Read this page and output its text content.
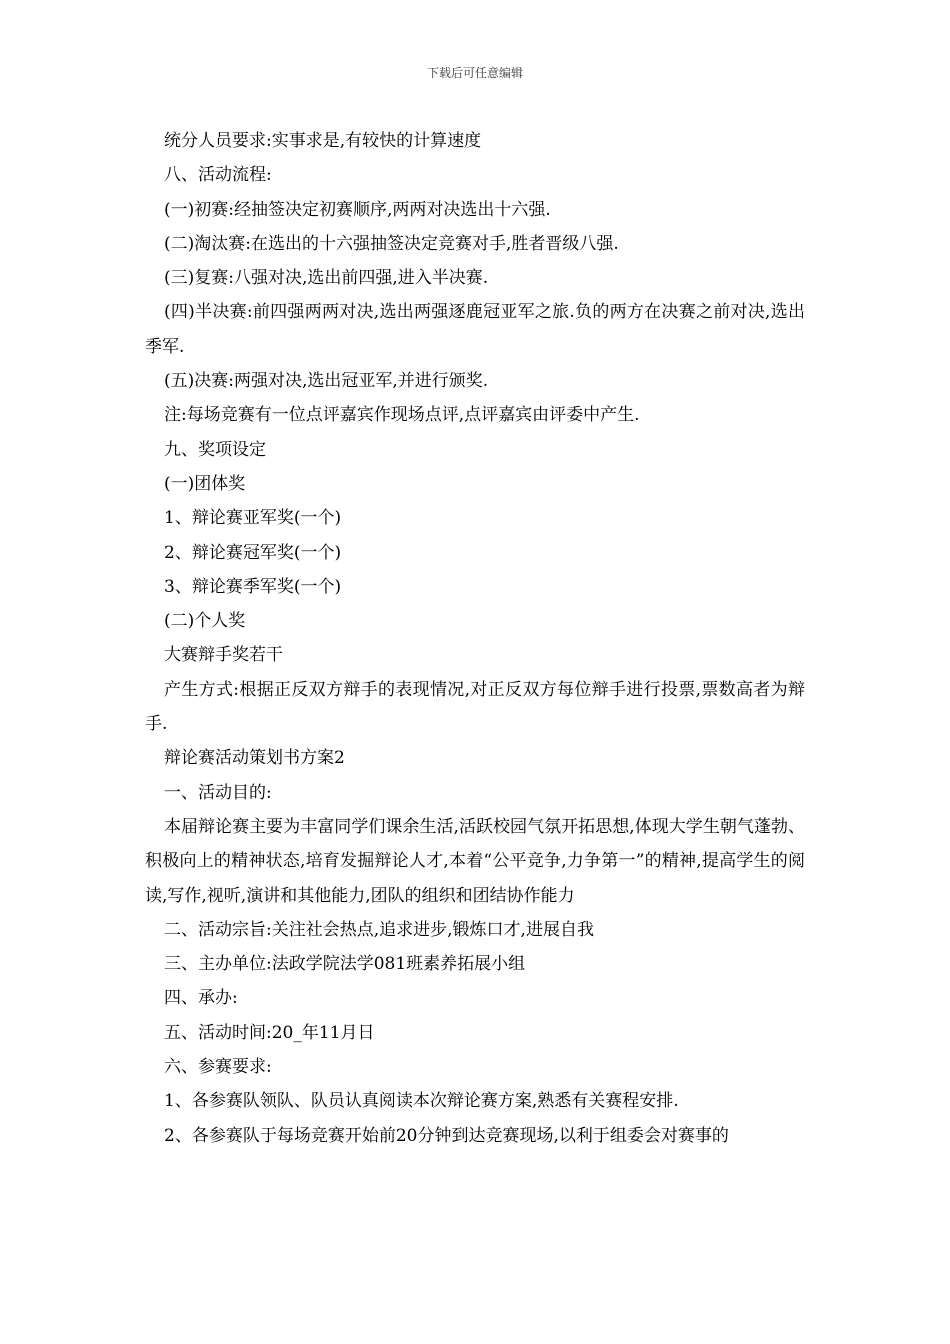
下载后可任意编辑

统分人员要求:实事求是,有较快的计算速度

八、活动流程:

(一)初赛:经抽签决定初赛顺序,两两对决选出十六强.

(二)淘汰赛:在选出的十六强抽签决定竞赛对手,胜者晋级八强.

(三)复赛:八强对决,选出前四强,进入半决赛.

(四)半决赛:前四强两两对决,选出两强逐鹿冠亚军之旅.负的两方在决赛之前对决,选出季军.

(五)决赛:两强对决,选出冠亚军,并进行颁奖.

注:每场竞赛有一位点评嘉宾作现场点评,点评嘉宾由评委中产生.

九、奖项设定

(一)团体奖

1、辩论赛亚军奖(一个)

2、辩论赛冠军奖(一个)

3、辩论赛季军奖(一个)

(二)个人奖

大赛辩手奖若干

产生方式:根据正反双方辩手的表现情况,对正反双方每位辩手进行投票,票数高者为辩手.

辩论赛活动策划书方案2

一、活动目的:

本届辩论赛主要为丰富同学们课余生活,活跃校园气氛开拓思想,体现大学生朝气蓬勃、积极向上的精神状态,培育发掘辩论人才,本着“公平竞争,力争第一”的精神,提高学生的阅读,写作,视听,演讲和其他能力,团队的组织和团结协作能力

二、活动宗旨:关注社会热点,追求进步,锻炼口才,进展自我

三、主办单位:法政学院法学081班素养拓展小组

四、承办:

五、活动时间:20_年11月日

六、参赛要求:

1、各参赛队领队、队员认真阅读本次辩论赛方案,熟悉有关赛程安排.

2、各参赛队于每场竞赛开始前20分钟到达竞赛现场,以利于组委会对赛事的
